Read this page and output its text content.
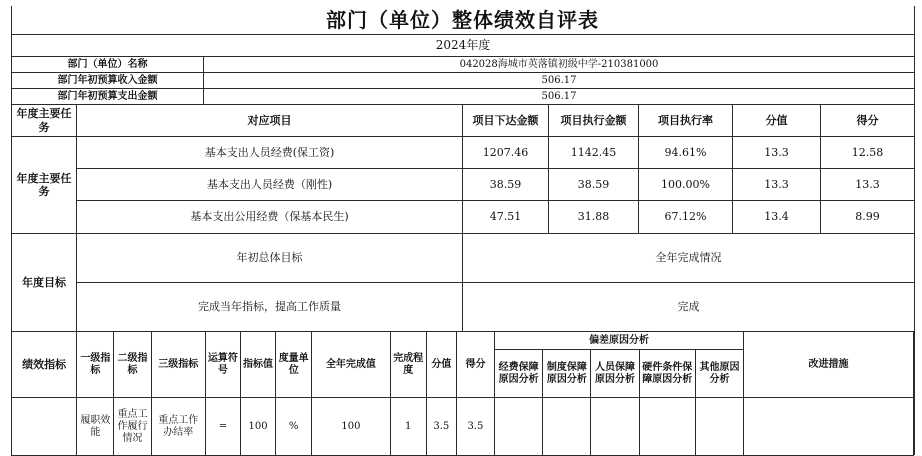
部门（单位）整体绩效自评表
2024年度	
部门（单位）名称	042028海城市英落镇初级中学-210381000
部门年初预算收入金额	506.17
部门年初预算支出金额	506.17
年度主要任务	对应项目	项目下达金额	项目执行金额	项目执行率	分值	得分
年度主要任务	基本支出人员经费(保工资)	1207.46	1142.45	94.61%	13.3	12.58
	基本支出人员经费（刚性)	38.59	38.59	100.00%	13.3	13.3
	基本支出公用经费（保基本民生)	47.51	31.88	67.12%	13.4	8.99
年度目标	年初总体目标	全年完成情况
	完成当年指标，提高工作质量	完成
绩效指标	一级指标	二级指标	三级指标	运算符号	指标值	度量单位	全年完成值	完成程度	分值	得分	偏差原因分析					改进措施
											经费保障原因分析	制度保障原因分析	人员保障原因分析	硬件条件保障原因分析	其他原因分析	
	履职效能	重点工作履行情况	重点工作办结率	=	100	%	100	1	3.5	3.5						
